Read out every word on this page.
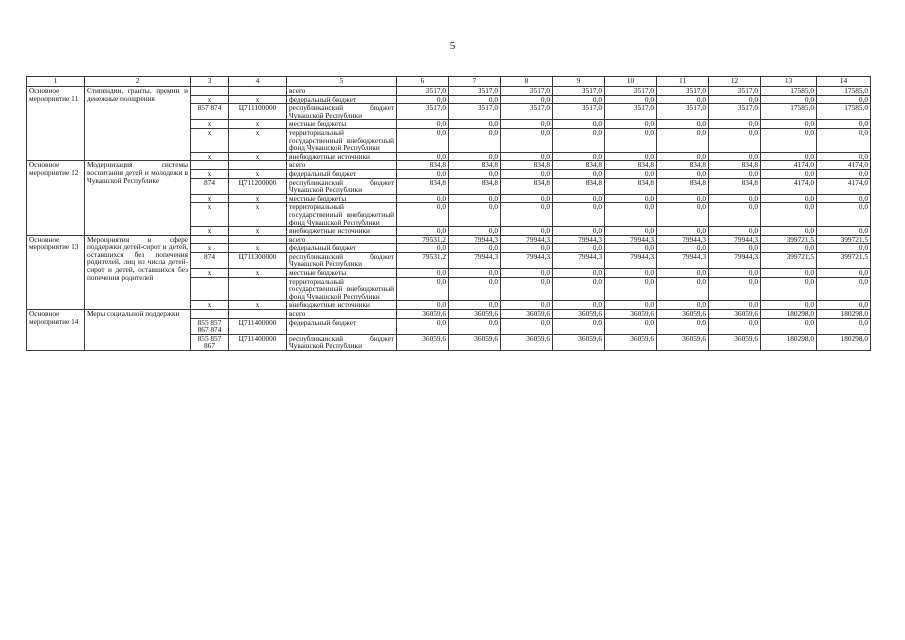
5
1	2	3	4	5	6	7	8	9	10	11	12	13	14
Основное мероприятие 11	Стипендии, гранты, премии и денежные поощрения			всего	3517,0	3517,0	3517,0	3517,0	3517,0	3517,0	3517,0	17585,0	17585,0
		х	х	федеральный бюджет	0,0	0,0	0,0	0,0	0,0	0,0	0,0	0,0	0,0
		857 874	Ц711100000	республиканский бюджет Чувашской Республики	3517,0	3517,0	3517,0	3517,0	3517,0	3517,0	3517,0	17585,0	17585,0
		х	х	местные бюджеты	0,0	0,0	0,0	0,0	0,0	0,0	0,0	0,0	0,0
		х	х	территориальный государственный внебюджетный фонд Чувашской Республики	0,0	0,0	0,0	0,0	0,0	0,0	0,0	0,0	0,0
		х	х	внебюджетные источники	0,0	0,0	0,0	0,0	0,0	0,0	0,0	0,0	0,0
Основное мероприятие 12	Модернизация системы воспитания детей и молодежи в Чувашской Республике			всего	834,8	834,8	834,8	834,8	834,8	834,8	834,8	4174,0	4174,0
		х	х	федеральный бюджет	0,0	0,0	0,0	0,0	0,0	0,0	0,0	0,0	0,0
		874	Ц711200000	республиканский бюджет Чувашской Республики	834,8	834,8	834,8	834,8	834,8	834,8	834,8	4174,0	4174,0
		х	х	местные бюджеты	0,0	0,0	0,0	0,0	0,0	0,0	0,0	0,0	0,0
		х	х	территориальный государственный внебюджетный фонд Чувашской Республики	0,0	0,0	0,0	0,0	0,0	0,0	0,0	0,0	0,0
		х	х	внебюджетные источники	0,0	0,0	0,0	0,0	0,0	0,0	0,0	0,0	0,0
Основное мероприятие 13	Мероприятия в сфере поддержки детей-сирот и детей, оставшихся без попечения родителей, лиц из числа детей-сирот и детей, оставшихся без попечения родителей			всего	79531,2	79944,3	79944,3	79944,3	79944,3	79944,3	79944,3	399721,5	399721,5
		х	х	федеральный бюджет	0,0	0,0	0,0	0,0	0,0	0,0	0,0	0,0	0,0
		874	Ц711300000	республиканский бюджет Чувашской Республики	79531,2	79944,3	79944,3	79944,3	79944,3	79944,3	79944,3	399721,5	399721,5
		х	х	местные бюджеты	0,0	0,0	0,0	0,0	0,0	0,0	0,0	0,0	0,0
				территориальный государственный внебюджетный фонд Чувашской Республики	0,0	0,0	0,0	0,0	0,0	0,0	0,0	0,0	0,0
		х	х	внебюджетные источники	0,0	0,0	0,0	0,0	0,0	0,0	0,0	0,0	0,0
Основное мероприятие 14	Меры социальной поддержки			всего	36059,6	36059,6	36059,6	36059,6	36059,6	36059,6	36059,6	180298,0	180298,0
		855 857 867 874	Ц711400000	федеральный бюджет	0,0	0,0	0,0	0,0	0,0	0,0	0,0	0,0	0,0
		855 857 867	Ц711400000	республиканский бюджет Чувашской Республики	36059,6	36059,6	36059,6	36059,6	36059,6	36059,6	36059,6	180298,0	180298,0
